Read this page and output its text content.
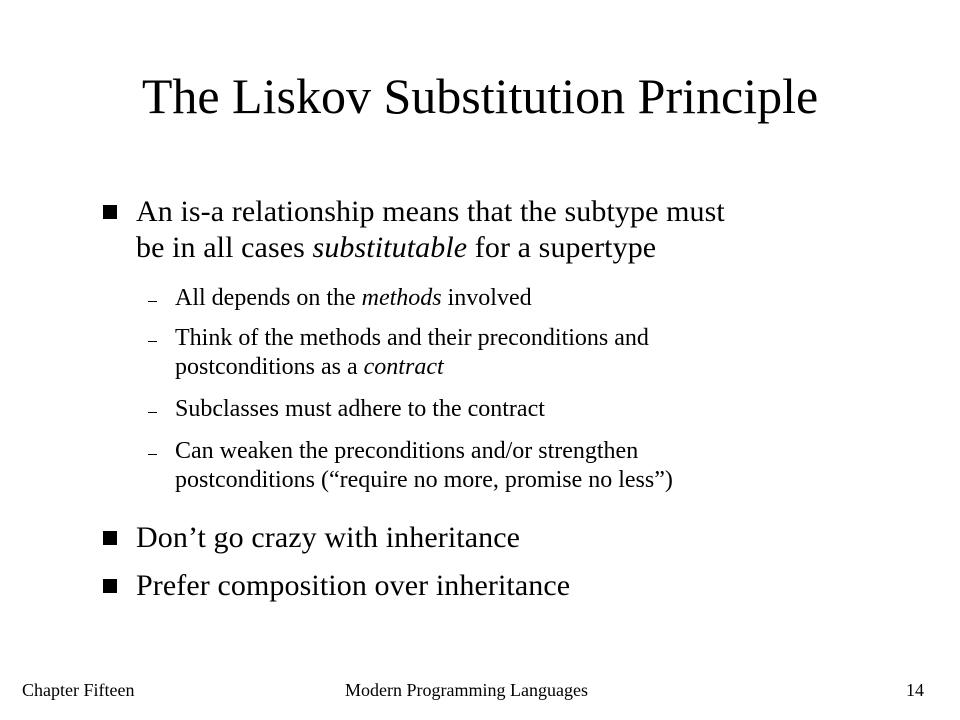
The Liskov Substitution Principle
An is-a relationship means that the subtype must
be in all cases substitutable for a supertype
All depends on the methods involved
Think of the methods and their preconditions and
postconditions as a contract
Subclasses must adhere to the contract
Can weaken the preconditions and/or strengthen
postconditions (“require no more, promise no less”)
Don’t go crazy with inheritance
Prefer composition over inheritance
Chapter Fifteen	Modern Programming Languages	14
